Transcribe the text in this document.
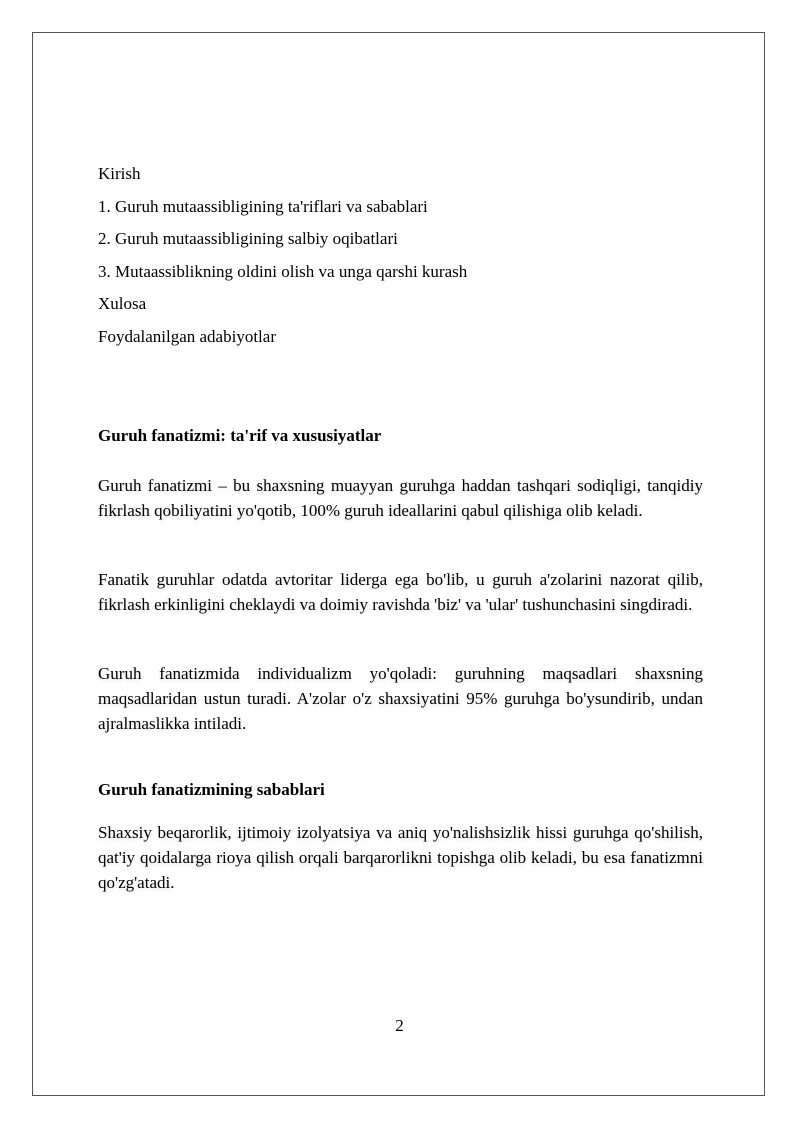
Kirish

1. Guruh mutaassibligining ta'riflari va sabablari

2. Guruh mutaassibligining salbiy oqibatlari

3. Mutaassiblikning oldini olish va unga qarshi kurash

Xulosa

Foydalanilgan adabiyotlar

Guruh fanatizmi: ta'rif va xususiyatlar

Guruh fanatizmi – bu shaxsning muayyan guruhga haddan tashqari sodiqligi, tanqidiy fikrlash qobiliyatini yo'qotib, 100% guruh ideallarini qabul qilishiga olib keladi.

Fanatik guruhlar odatda avtoritar liderga ega bo'lib, u guruh a'zolarini nazorat qilib, fikrlash erkinligini cheklaydi va doimiy ravishda 'biz' va 'ular' tushunchasini singdiradi.

Guruh fanatizmida individualizm yo'qoladi: guruhning maqsadlari shaxsning maqsadlaridan ustun turadi. A'zolar o'z shaxsiyatini 95% guruhga bo'ysundirib, undan ajralmaslikka intiladi.

Guruh fanatizmining sabablari

Shaxsiy beqarorlik, ijtimoiy izolyatsiya va aniq yo'nalishsizlik hissi guruhga qo'shilish, qat'iy qoidalarga rioya qilish orqali barqarorlikni topishga olib keladi, bu esa fanatizmni qo'zg'atadi.

2
